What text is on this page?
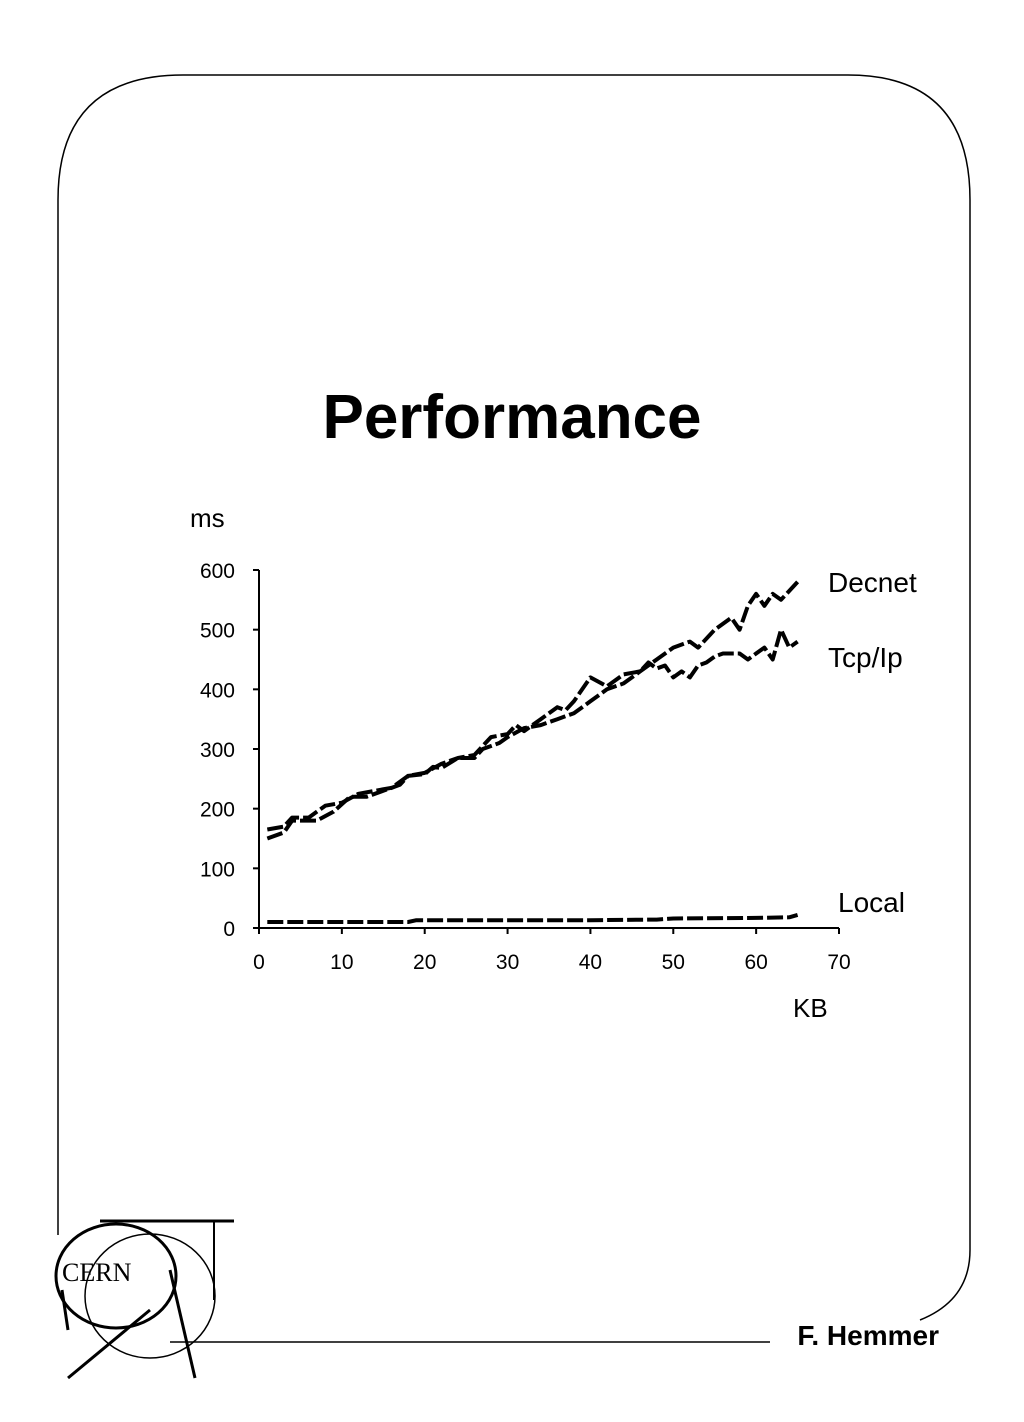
Performance
0	10	20	30	40	50	60	70
0
100
200
300
400
500
600	Decnet
Tcp/Ip
Local
ms
KB
F. Hemmer
CERN
